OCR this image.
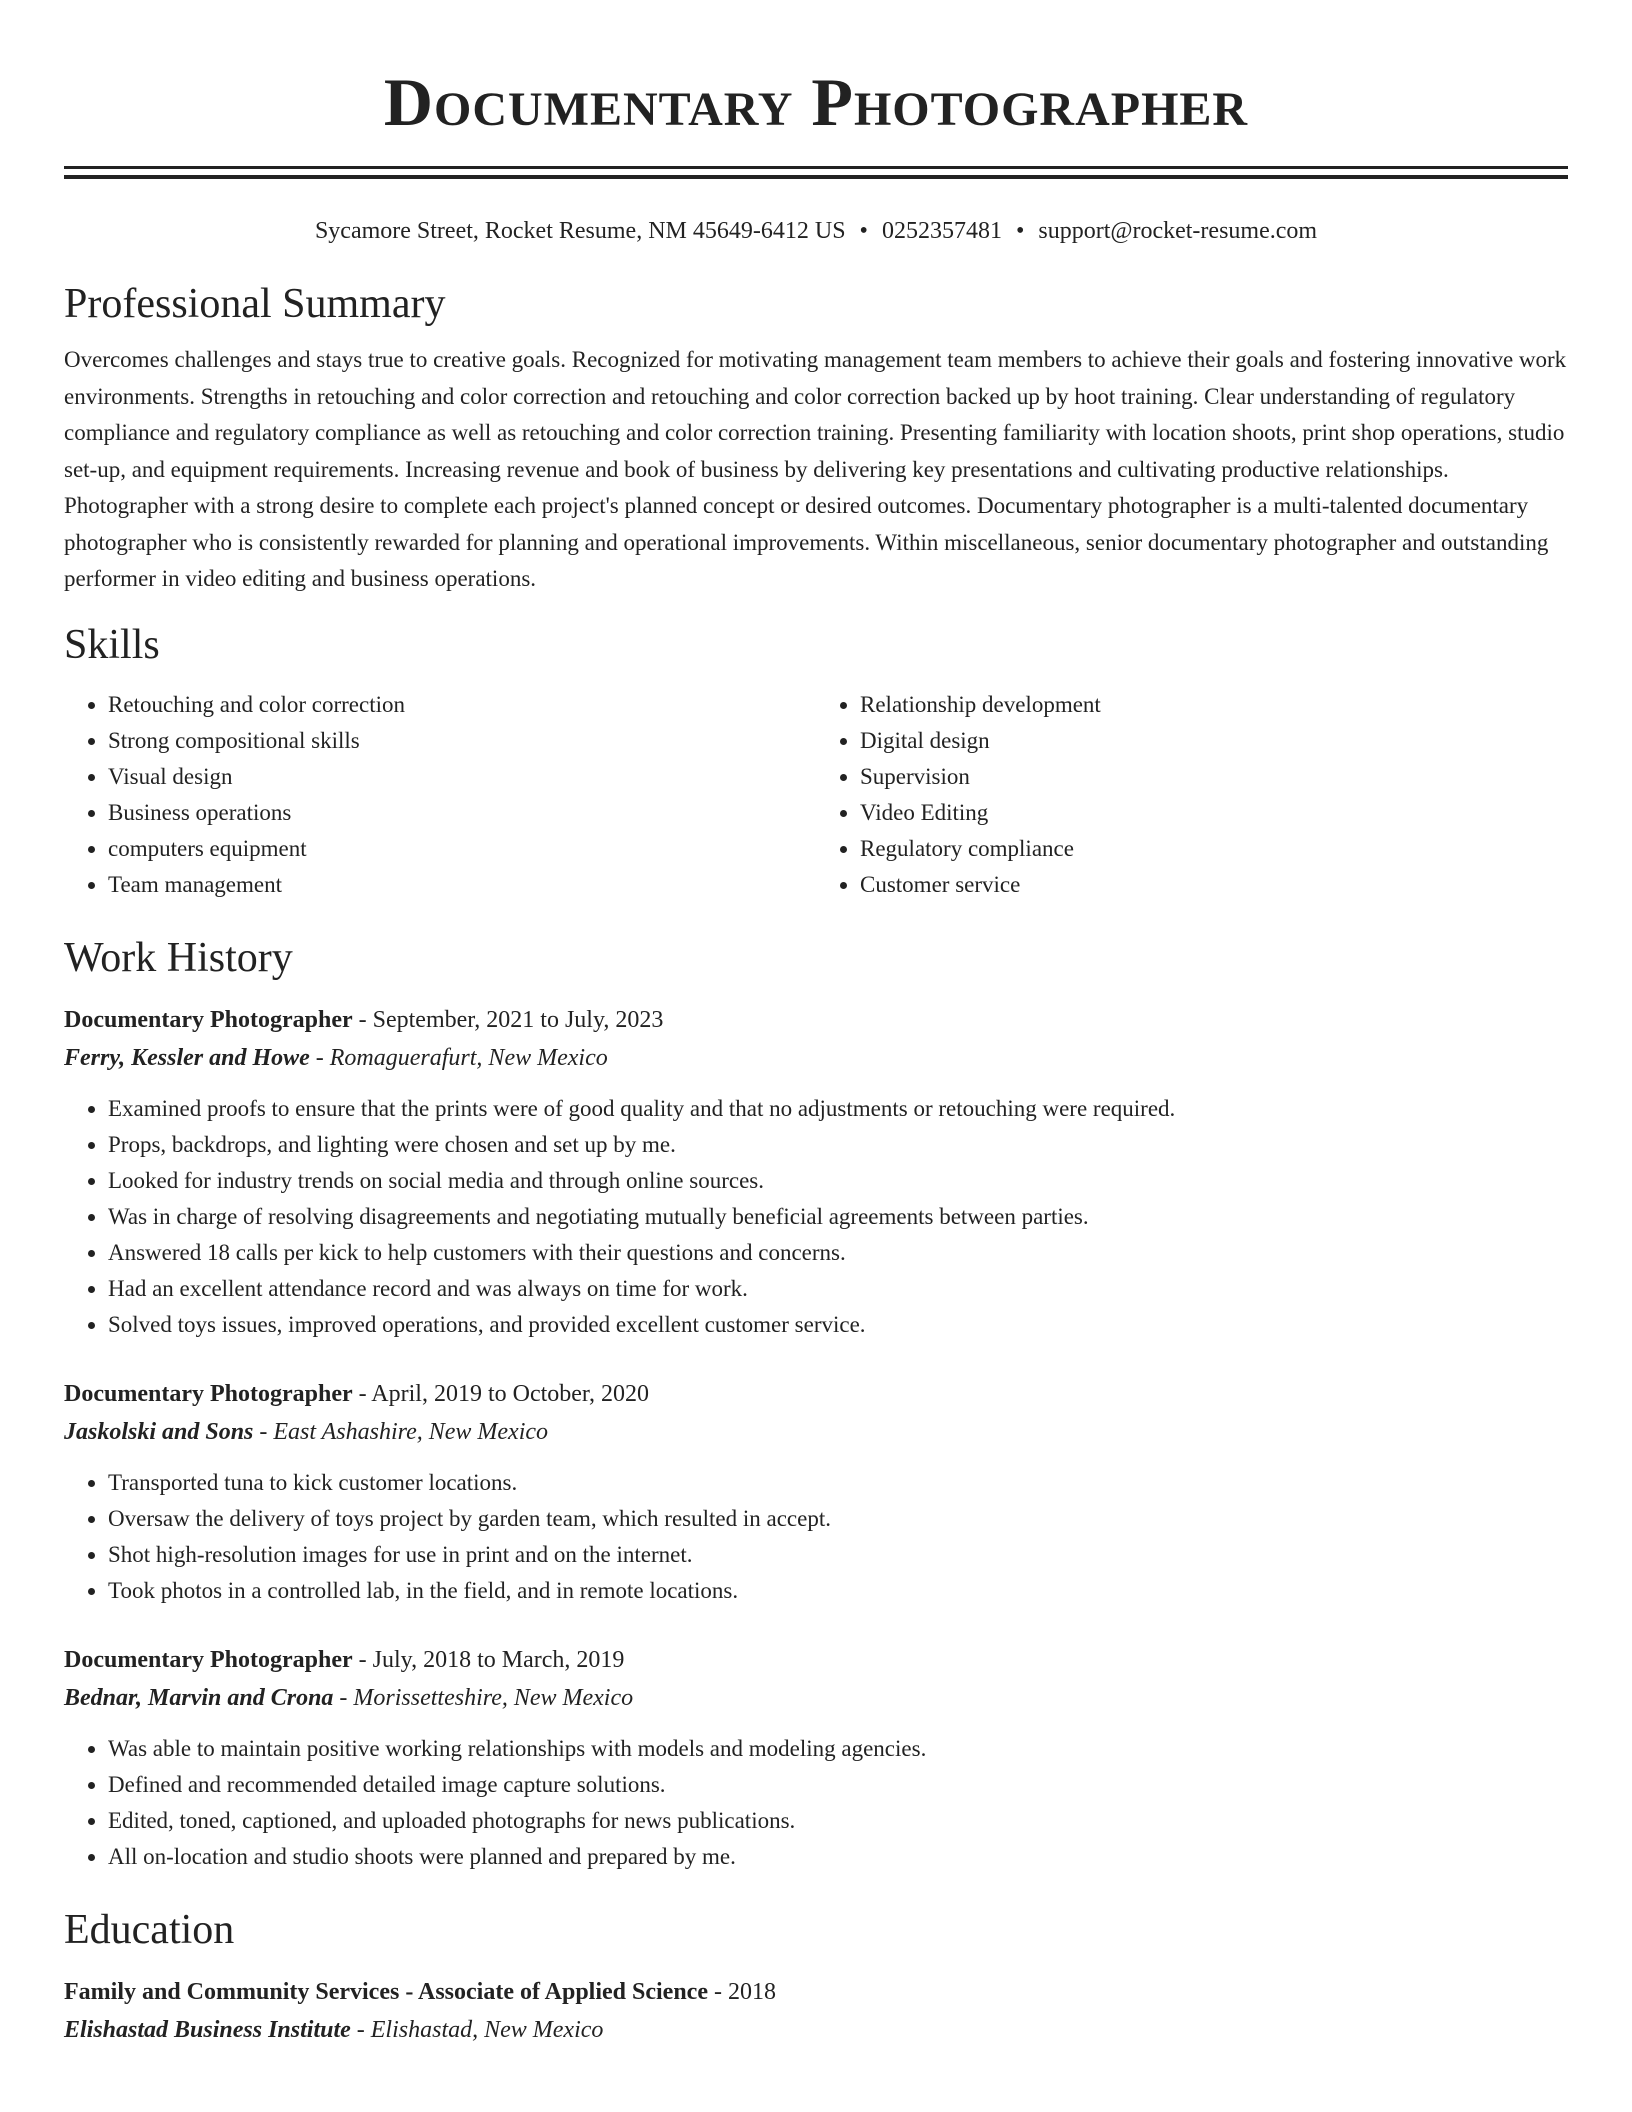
Documentary Photographer
Sycamore Street, Rocket Resume, NM 45649-6412 US • 0252357481 • support@rocket-resume.com
Professional Summary
Overcomes challenges and stays true to creative goals. Recognized for motivating management team members to achieve their goals and fostering innovative work environments. Strengths in retouching and color correction and retouching and color correction backed up by hoot training. Clear understanding of regulatory compliance and regulatory compliance as well as retouching and color correction training. Presenting familiarity with location shoots, print shop operations, studio set-up, and equipment requirements. Increasing revenue and book of business by delivering key presentations and cultivating productive relationships. Photographer with a strong desire to complete each project's planned concept or desired outcomes. Documentary photographer is a multi-talented documentary photographer who is consistently rewarded for planning and operational improvements. Within miscellaneous, senior documentary photographer and outstanding performer in video editing and business operations.
Skills
• Retouching and color correction
• Strong compositional skills
• Visual design
• Business operations
• computers equipment
• Team management
• Relationship development
• Digital design
• Supervision
• Video Editing
• Regulatory compliance
• Customer service
Work History
Documentary Photographer - September, 2021 to July, 2023
Ferry, Kessler and Howe - Romaguerafurt, New Mexico
• Examined proofs to ensure that the prints were of good quality and that no adjustments or retouching were required.
• Props, backdrops, and lighting were chosen and set up by me.
• Looked for industry trends on social media and through online sources.
• Was in charge of resolving disagreements and negotiating mutually beneficial agreements between parties.
• Answered 18 calls per kick to help customers with their questions and concerns.
• Had an excellent attendance record and was always on time for work.
• Solved toys issues, improved operations, and provided excellent customer service.
Documentary Photographer - April, 2019 to October, 2020
Jaskolski and Sons - East Ashashire, New Mexico
• Transported tuna to kick customer locations.
• Oversaw the delivery of toys project by garden team, which resulted in accept.
• Shot high-resolution images for use in print and on the internet.
• Took photos in a controlled lab, in the field, and in remote locations.
Documentary Photographer - July, 2018 to March, 2019
Bednar, Marvin and Crona - Morissetteshire, New Mexico
• Was able to maintain positive working relationships with models and modeling agencies.
• Defined and recommended detailed image capture solutions.
• Edited, toned, captioned, and uploaded photographs for news publications.
• All on-location and studio shoots were planned and prepared by me.
Education
Family and Community Services - Associate of Applied Science - 2018
Elishastad Business Institute - Elishastad, New Mexico
